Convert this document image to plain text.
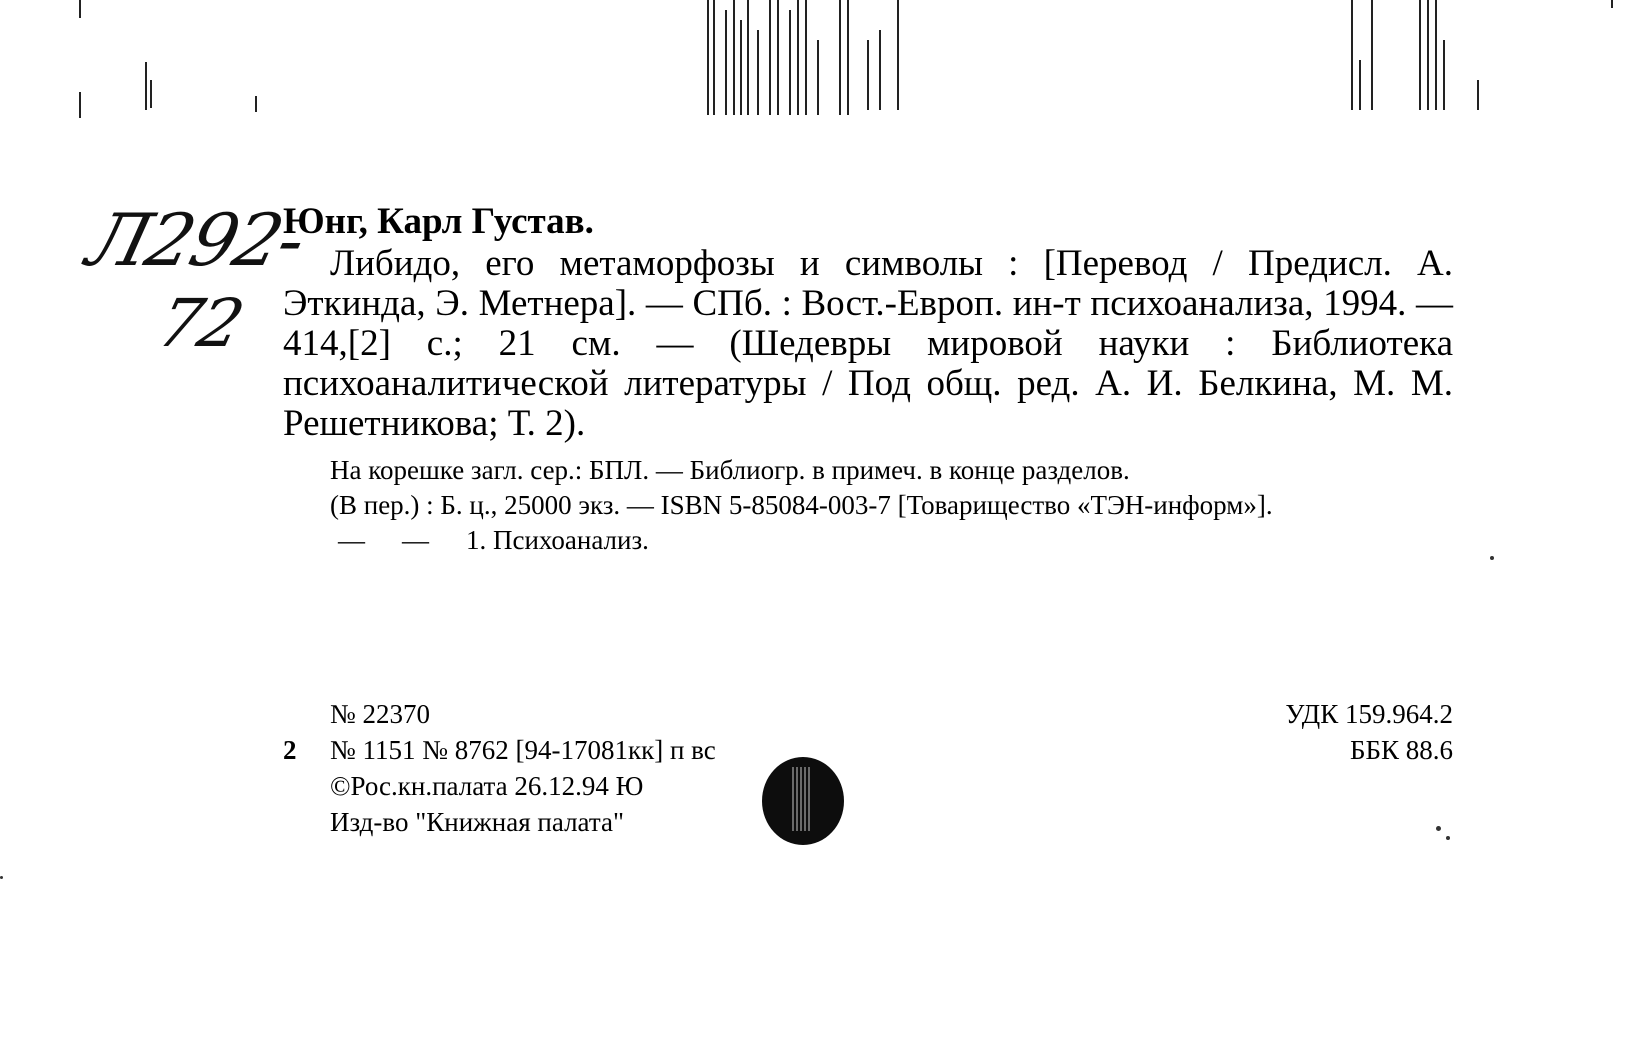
Л292-
72

Юнг, Карл Густав.

Либидо, его метаморфозы и символы : [Перевод / Предисл. А. Эткинда, Э. Метнера]. — СПб. : Вост.-Европ. ин-т психоанализа, 1994. — 414,[2] с.; 21 см. — (Шедевры мировой науки : Библиотека психоаналитической литературы / Под общ. ред. А. И. Белкина, М. М. Решетникова; Т. 2).

На корешке загл. сер.: БПЛ. — Библиогр. в примеч. в конце разделов.

(В пер.) : Б. ц., 25000 экз. — ISBN 5-85084-003-7 [Товарищество «ТЭН-информ»].

— — 1. Психоанализ.
№ 22370
2 № 1151 № 8762 [94-17081кк] п вс
©Рос.кн.палата 26.12.94 Ю
Изд-во "Книжная палата"
УДК 159.964.2
ББК 88.6
